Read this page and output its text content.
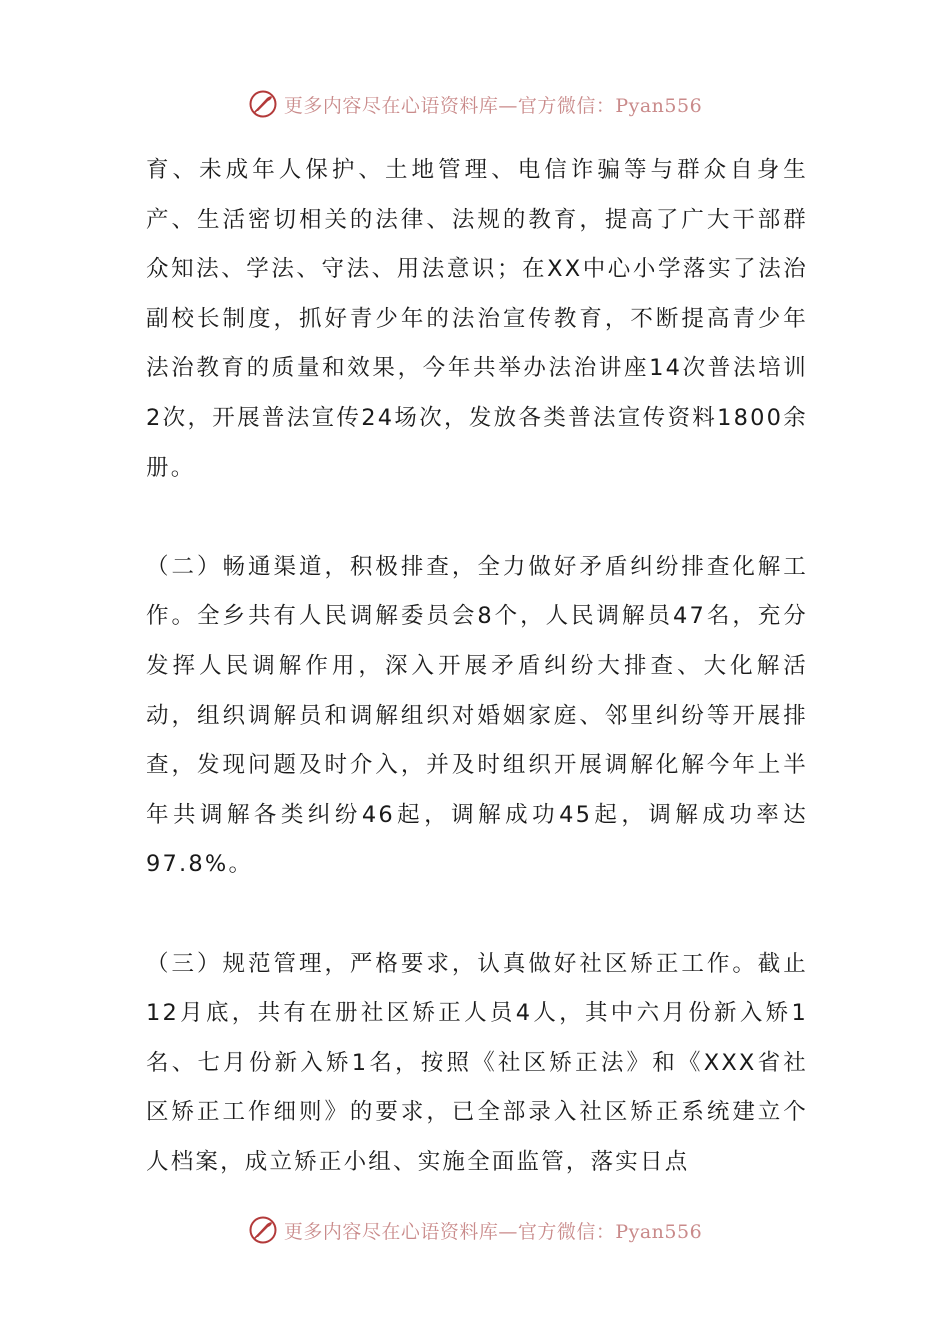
更多内容尽在心语资料库—官方微信：Pyan556

育、未成年人保护、土地管理、电信诈骗等与群众自身生产、生活密切相关的法律、法规的教育，提高了广大干部群众知法、学法、守法、用法意识；在XX中心小学落实了法治副校长制度，抓好青少年的法治宣传教育，不断提高青少年法治教育的质量和效果，今年共举办法治讲座14次普法培训2次，开展普法宣传24场次，发放各类普法宣传资料1800余册。

（二）畅通渠道，积极排查，全力做好矛盾纠纷排查化解工作。全乡共有人民调解委员会8个，人民调解员47名，充分发挥人民调解作用，深入开展矛盾纠纷大排查、大化解活动，组织调解员和调解组织对婚姻家庭、邻里纠纷等开展排查，发现问题及时介入，并及时组织开展调解化解今年上半年共调解各类纠纷46起，调解成功45起，调解成功率达97.8%。

（三）规范管理，严格要求，认真做好社区矫正工作。截止12月底，共有在册社区矫正人员4人，其中六月份新入矫1名、七月份新入矫1名，按照《社区矫正法》和《XXX省社区矫正工作细则》的要求，已全部录入社区矫正系统建立个人档案，成立矫正小组、实施全面监管，落实日点

更多内容尽在心语资料库—官方微信：Pyan556
